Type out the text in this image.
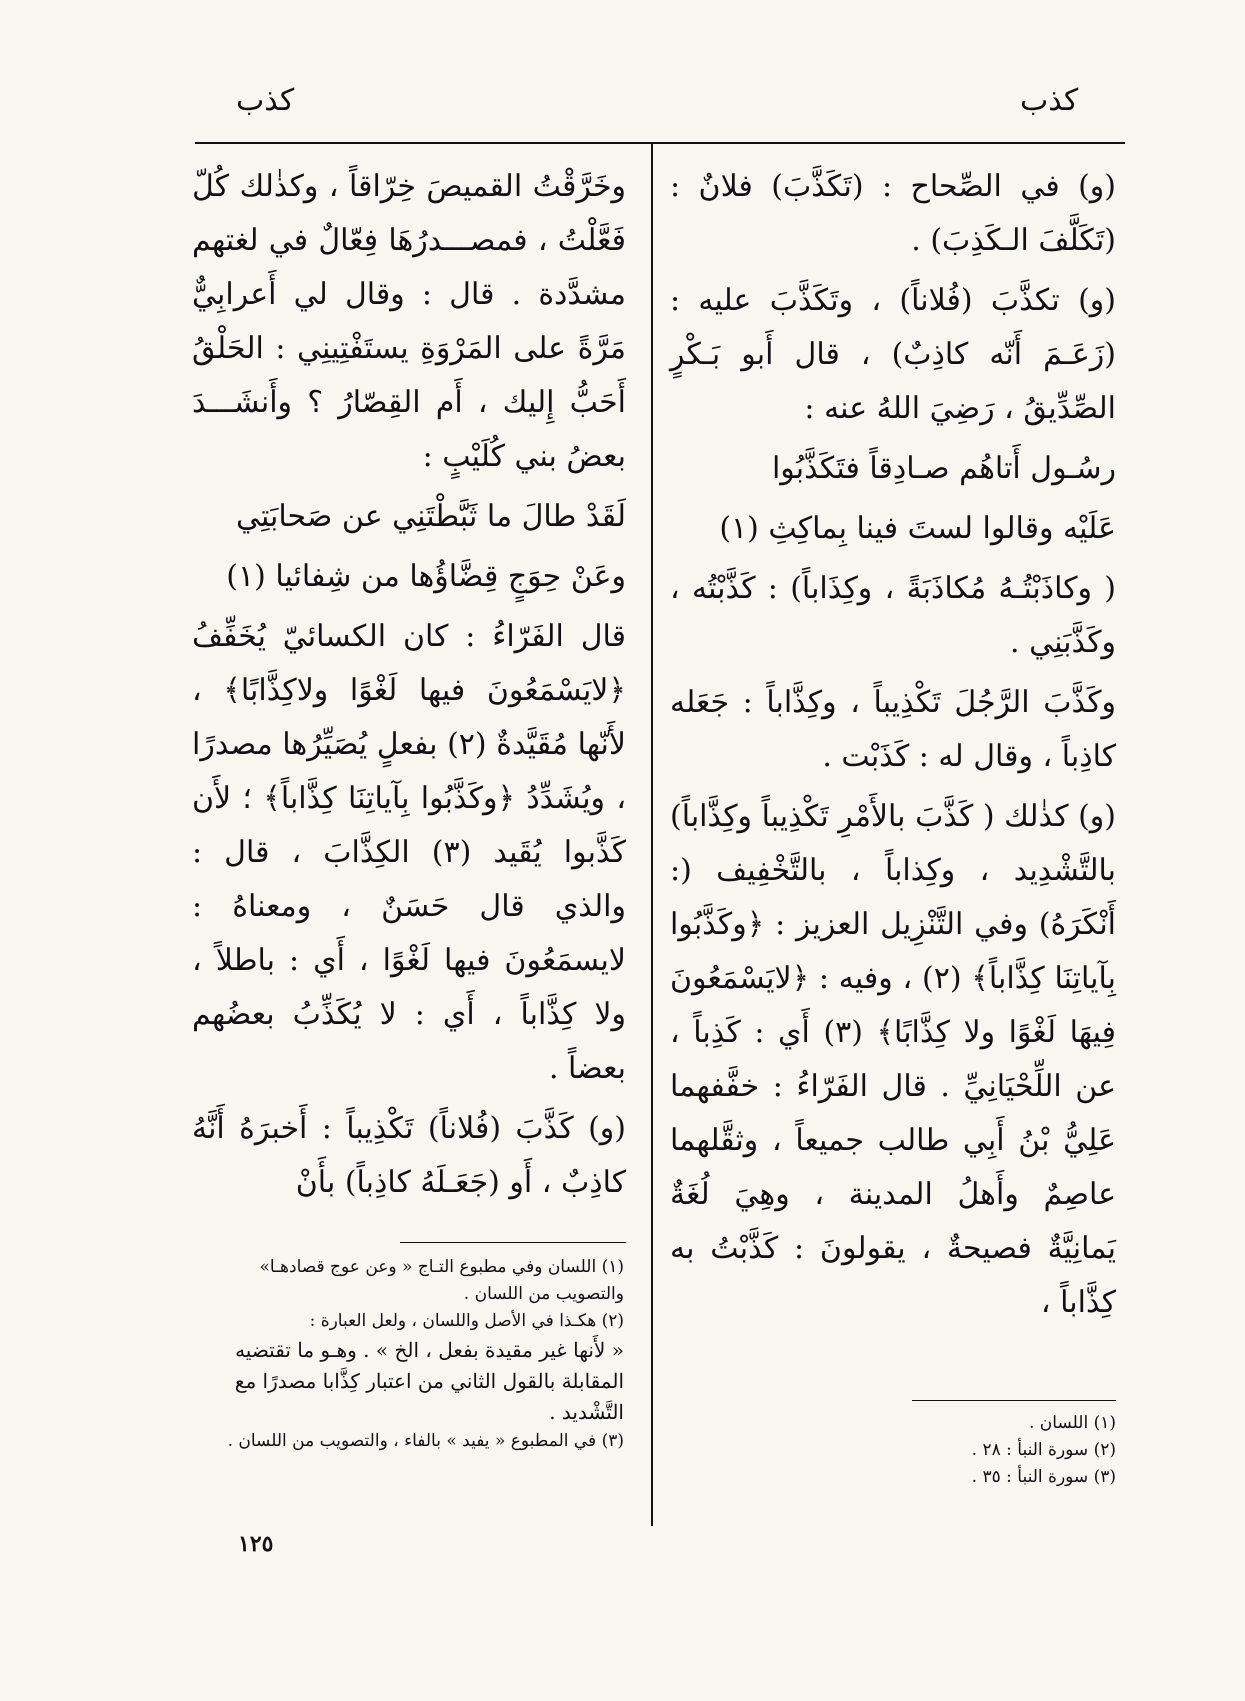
كذب
كذب

(و) في الصِّحاح : (تَكَذَّبَ) فلانٌ : (تَكَلَّفَ الـكَذِبَ) .

(و) تكذَّبَ (فُلاناً) ، وتَكَذَّبَ عليه : (زَعَـمَ أَنّه كاذِبٌ) ، قال أَبو بَـكْرٍ الصِّدِّيقُ ، رَضِيَ اللهُ عنه :

رسُـول أَتاهُم صـادِقاً فتَكَذَّبُوا

عَلَيْه وقالوا لستَ فينا بِماكِثِ (١)

( وكاذَبْتُـهُ مُكاذَبَةً ، وكِذَاباً) : كَذَّبْتُه ، وكَذَّبَنِي .

وكَذَّبَ الرَّجُلَ تَكْذِيباً ، وكِذَّاباً : جَعَله كاذِباً ، وقال له : كَذَبْت .

(و) كذٰلك ( كَذَّبَ بالأَمْرِ تَكْذِيباً وكِذَّاباً) بالتَّشْدِيد ، وكِذاباً ، بالتَّخْفِيف (: أَنْكَرَهُ) وفي التَّنْزِيل العزيز : ﴿وكَذَّبُوا بِآياتِنَا كِذَّاباً﴾ (٢) ، وفيه : ﴿لايَسْمَعُونَ فِيهَا لَغْوًا ولا كِذَّابًا﴾ (٣) أَي : كَذِباً ، عن اللِّحْيَانِيِّ . قال الفَرّاءُ : خفَّفهما عَلِيُّ بْنُ أَبِي طالب جميعاً ، وثقَّلهما عاصِمٌ وأَهلُ المدينة ، وهِيَ لُغَةٌ يَمانِيَّةٌ فصيحةٌ ، يقولونَ : كَذَّبْتُ به كِذَّاباً ،

وخَرَّقْتُ القميصَ خِرّاقاً ، وكذٰلك كُلّ فَعَّلْتُ ، فمصـــدرُهَا فِعّالٌ في لغتهم مشدَّدة . قال : وقال لي أَعرابِيٌّ مَرَّةً على المَرْوَةِ يستَفْتِينِي : الحَلْقُ أَحَبُّ إِليك ، أَم القِصّارُ ؟ وأَنشَـــدَ بعضُ بني كُلَيْبٍ :

لَقَدْ طالَ ما ثَبَّطْتَنِي عن صَحابَتِي

وعَنْ حِوَجٍ قِضَّاؤُها من شِفائيا (١)

قال الفَرّاءُ : كان الكسائيّ يُخَفِّفُ ﴿لايَسْمَعُونَ فيها لَغْوًا ولاكِذَّابًا﴾ ، لأَنّها مُقَيَّدةٌ (٢) بفعلٍ يُصَيِّرُها مصدرًا ، ويُشَدِّدُ ﴿وكَذَّبُوا بِآياتِنَا كِذَّاباً﴾ ؛ لأَن كَذَّبوا يُقَيد (٣) الكِذَّابَ ، قال : والذي قال حَسَنٌ ، ومعناهُ : لايسمَعُونَ فيها لَغْوًا ، أَي : باطلاً ، ولا كِذَّاباً ، أَي : لا يُكَذِّبُ بعضُهم بعضاً .

(و) كَذَّبَ (فُلاناً) تَكْذِيباً : أَخبرَهُ أَنَّهُ كاذِبٌ ، أَو (جَعَـلَهُ كاذِباً) بأَنْ

(١) اللسان وفي مطبوع التـاج « وعن عوج قصادهـا» والتصويب من اللسان .
(٢) هكـذا في الأصل واللسان ، ولعل العبارة :
« لأَنها غير مقيدة بفعل ، الخ » . وهـو ما تقتضيه المقابلة بالقول الثاني من اعتبار كِذَّابا مصدرًا مع التَّشْديد .
(٣) في المطبوع « يفيد » بالفاء ، والتصويب من اللسان .
(١) اللسان .
(٢) سورة النبأ : ٢٨ .
(٣) سورة النبأ : ٣٥ .
١٢٥
